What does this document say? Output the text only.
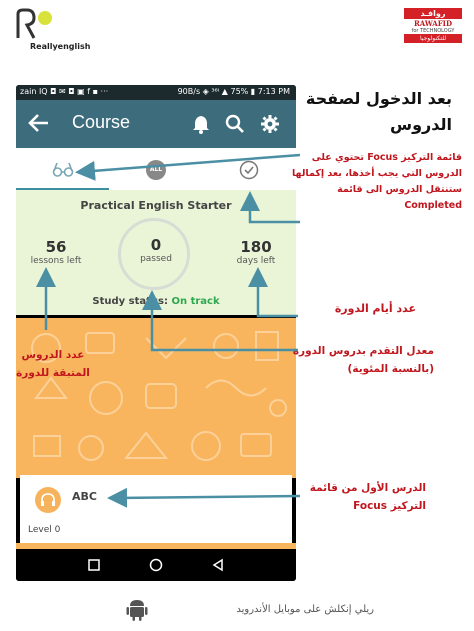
Reallyenglish
روافـد
RAWAFID
for TECHNOLOGY
للتكنولوجيا
zain IQ ◘ ✉ ◘ ▣ f ▪ ···	90B/s ◈ ³⁶ᴵ ▲ 75% ▮ 7:13 PM
Course
ALL
Practical English Starter
56
lessons left
0
passed
180
days left
Study status: On track
ABC
Level 0
بعد الدخول لصفحة الدروس
قائمة التركيز Focus تحتوي على الدروس التي يجب أخذها، بعد إكمالها ستنتقل الدروس الى قائمة Completed
عدد أيام الدورة
معدل التقدم بدروس الدورة (بالنسبة المئوية)
عدد الدروس المتبقة للدورة
الدرس الأول من قائمة التركيز Focus
ريلي إنكلش على موبايل الأندرويد
